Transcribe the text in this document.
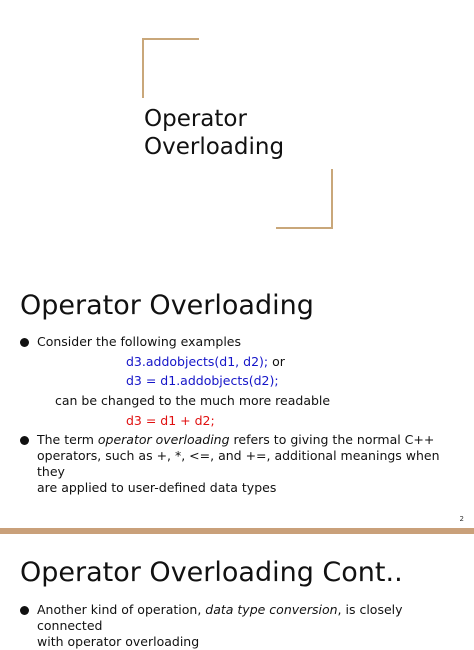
Operator
Overloading
Operator Overloading
Consider the following examples
d3.addobjects(d1, d2); or
d3 = d1.addobjects(d2);
can be changed to the much more readable
d3 = d1 + d2;
The term operator overloading refers to giving the normal C++
operators, such as +, *, <=, and +=, additional meanings when they
are applied to user-defined data types
2
Operator Overloading Cont..
Another kind of operation, data type conversion, is closely connected
with operator overloading
